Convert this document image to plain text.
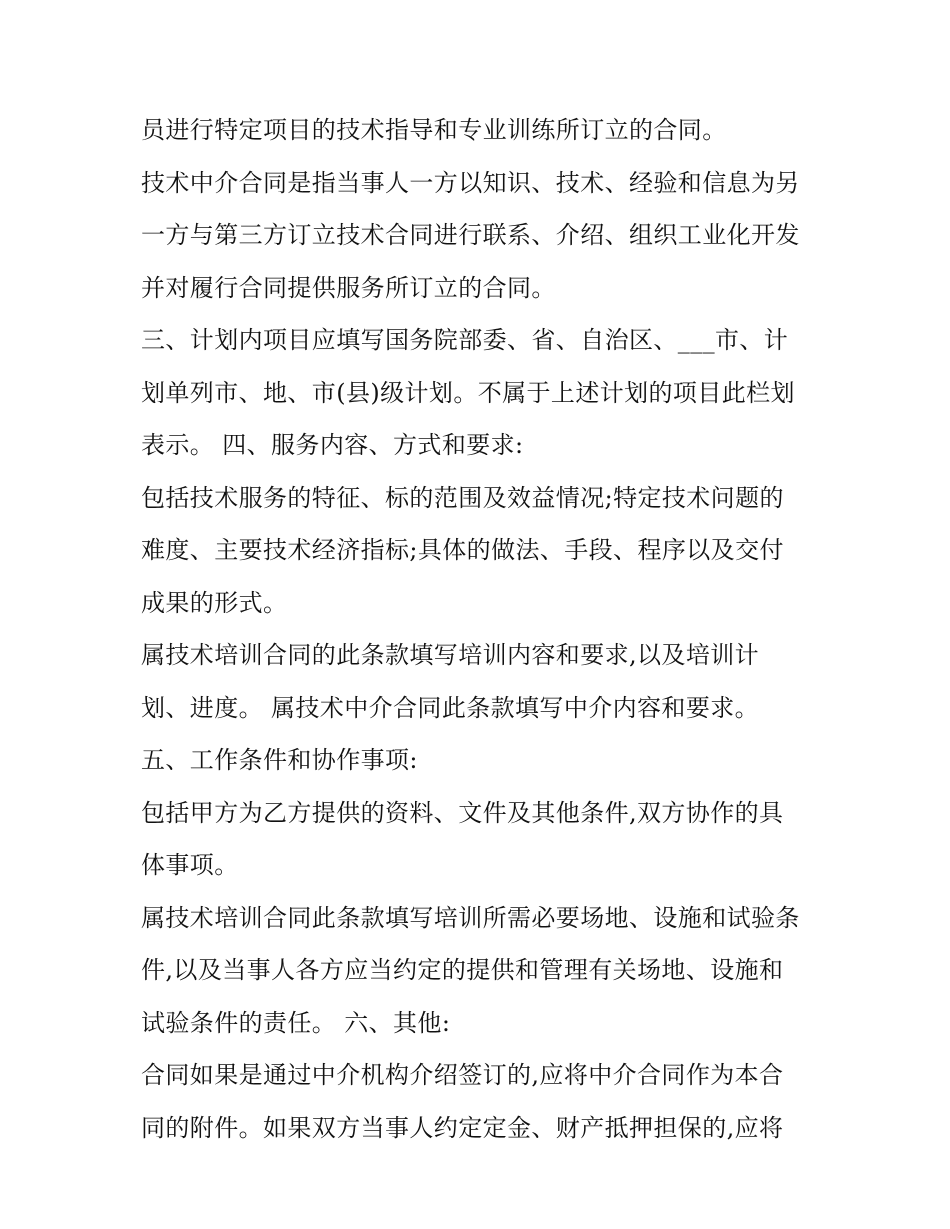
员进行特定项目的技术指导和专业训练所订立的合同。
技术中介合同是指当事人一方以知识、技术、经验和信息为另
一方与第三方订立技术合同进行联系、介绍、组织工业化开发
并对履行合同提供服务所订立的合同。
三、计划内项目应填写国务院部委、省、自治区、___市、计
划单列市、地、市(县)级计划。不属于上述计划的项目此栏划
表示。 四、服务内容、方式和要求:
包括技术服务的特征、标的范围及效益情况;特定技术问题的
难度、主要技术经济指标;具体的做法、手段、程序以及交付
成果的形式。
属技术培训合同的此条款填写培训内容和要求,以及培训计
划、进度。 属技术中介合同此条款填写中介内容和要求。
五、工作条件和协作事项:
包括甲方为乙方提供的资料、文件及其他条件,双方协作的具
体事项。
属技术培训合同此条款填写培训所需必要场地、设施和试验条
件,以及当事人各方应当约定的提供和管理有关场地、设施和
试验条件的责任。 六、其他:
合同如果是通过中介机构介绍签订的,应将中介合同作为本合
同的附件。如果双方当事人约定定金、财产抵押担保的,应将
